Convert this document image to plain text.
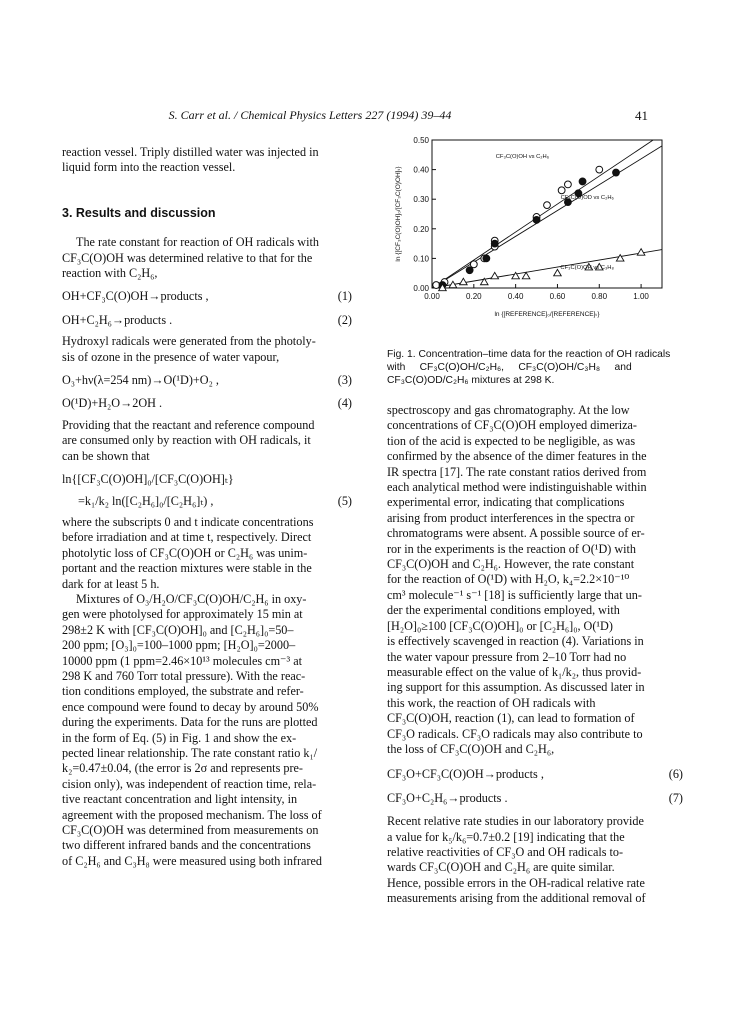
S. Carr et al. / Chemical Physics Letters 227 (1994) 39–44	41

reaction vessel. Triply distilled water was injected in
liquid form into the reaction vessel.

3. Results and discussion

The rate constant for reaction of OH radicals with
CF₃C(O)OH was determined relative to that for the
reaction with C₂H₆,

OH+CF₃C(O)OH→products ,	(1)
OH+C₂H₆→products .	(2)

Hydroxyl radicals were generated from the photoly-
sis of ozone in the presence of water vapour,

O₃+hν(λ=254 nm)→O(¹D)+O₂ ,	(3)
O(¹D)+H₂O→2OH .	(4)

Providing that the reactant and reference compound
are consumed only by reaction with OH radicals, it
can be shown that

ln{[CF₃C(O)OH]₀/[CF₃C(O)OH]ₜ}
=k₁/k₂ ln([C₂H₆]₀/[C₂H₆]ₜ) ,	(5)

where the subscripts 0 and t indicate concentrations
before irradiation and at time t, respectively. Direct
photolytic loss of CF₃C(O)OH or C₂H₆ was unim-
portant and the reaction mixtures were stable in the
dark for at least 5 h.

Mixtures of O₃/H₂O/CF₃C(O)OH/C₂H₆ in oxy-
gen were photolysed for approximately 15 min at
298±2 K with [CF₃C(O)OH]₀ and [C₂H₆]₀=50–
200 ppm; [O₃]₀=100–1000 ppm; [H₂O]₀=2000–
10000 ppm (1 ppm=2.46×10¹³ molecules cm⁻³ at
298 K and 760 Torr total pressure). With the reac-
tion conditions employed, the substrate and refer-
ence compound were found to decay by around 50%
during the experiments. Data for the runs are plotted
in the form of Eq. (5) in Fig. 1 and show the ex-
pected linear relationship. The rate constant ratio k₁/
k₂=0.47±0.04, (the error is 2σ and represents pre-
cision only), was independent of reaction time, rela-
tive reactant concentration and light intensity, in
agreement with the proposed mechanism. The loss of
CF₃C(O)OH was determined from measurements on
two different infrared bands and the concentrations
of C₂H₆ and C₃H₈ were measured using both infrared

0.00	0.20	0.40	0.60	0.80	1.00
0.00
0.10
0.20
0.30
0.40
0.50
ln {[REFERENCE]₀/[REFERENCE]ₜ}
ln {[CF₃C(O)OH]₀/[CF₃C(O)OH]ₜ}
CF₃C(O)OH vs C₂H₆
CF₃C(O)OD vs C₂H₆
CF₃C(O)OH vs C₃H₈
Fig. 1. Concentration–time data for the reaction of OH radicals
with     CF₃C(O)OH/C₂H₆,     CF₃C(O)OH/C₃H₈     and
CF₃C(O)OD/C₂H₆ mixtures at 298 K.

spectroscopy and gas chromatography. At the low
concentrations of CF₃C(O)OH employed dimeriza-
tion of the acid is expected to be negligible, as was
confirmed by the absence of the dimer features in the
IR spectra [17]. The rate constant ratios derived from
each analytical method were indistinguishable within
experimental error, indicating that complications
arising from product interferences in the spectra or
chromatograms were absent. A possible source of er-
ror in the experiments is the reaction of O(¹D) with
CF₃C(O)OH and C₂H₆. However, the rate constant
for the reaction of O(¹D) with H₂O, k₄=2.2×10⁻¹⁰
cm³ molecule⁻¹ s⁻¹ [18] is sufficiently large that un-
der the experimental conditions employed, with
[H₂O]₀≥100 [CF₃C(O)OH]₀ or [C₂H₆]₀, O(¹D)
is effectively scavenged in reaction (4). Variations in
the water vapour pressure from 2–10 Torr had no
measurable effect on the value of k₁/k₂, thus provid-
ing support for this assumption. As discussed later in
this work, the reaction of OH radicals with
CF₃C(O)OH, reaction (1), can lead to formation of
CF₃O radicals. CF₃O radicals may also contribute to
the loss of CF₃C(O)OH and C₂H₆,

CF₃O+CF₃C(O)OH→products ,	(6)
CF₃O+C₂H₆→products .	(7)

Recent relative rate studies in our laboratory provide
a value for k₅/k₆=0.7±0.2 [19] indicating that the
relative reactivities of CF₃O and OH radicals to-
wards CF₃C(O)OH and C₂H₆ are quite similar.
Hence, possible errors in the OH-radical relative rate
measurements arising from the additional removal of
